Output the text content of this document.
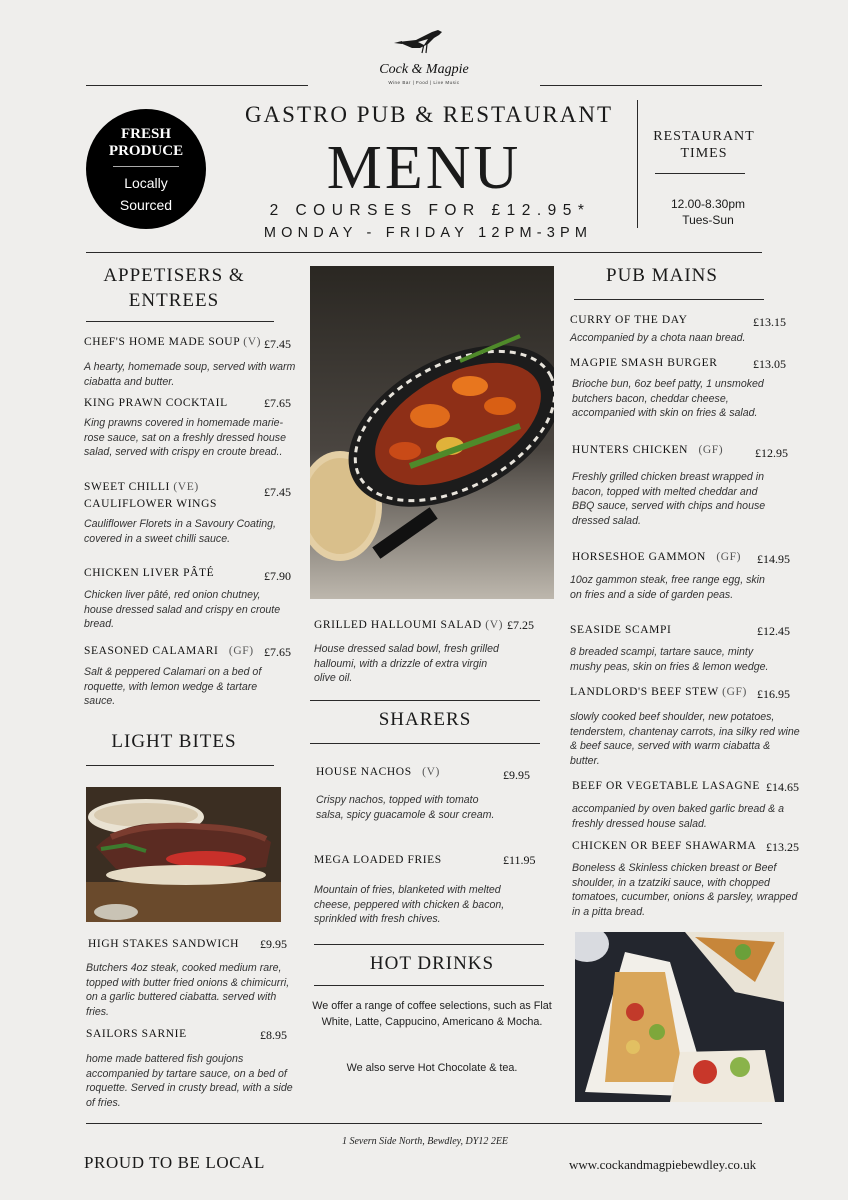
Cock & Magpie
Wine Bar | Food | Live Music
FRESH
PRODUCE
Locally
Sourced
GASTRO PUB & RESTAURANT
MENU
2 COURSES FOR £12.95*
MONDAY - FRIDAY 12PM-3PM
RESTAURANT
TIMES
12.00-8.30pm
Tues-Sun
APPETISERS &
ENTREES
CHEF'S HOME MADE SOUP (V) £7.45
A hearty, homemade soup, served with warm ciabatta and butter.
KING PRAWN COCKTAIL	£7.65
King prawns covered in homemade marie-rose sauce, sat on a freshly dressed house salad, served with crispy en croute bread..
SWEET CHILLI (VE)
CAULIFLOWER WINGS
£7.45
Cauliflower Florets in a Savoury Coating, covered in a sweet chilli sauce.
CHICKEN LIVER PÂTÉ	£7.90
Chicken liver pâté, red onion chutney, house dressed salad and crispy en croute bread.
SEASONED CALAMARI (GF) £7.65
Salt & peppered Calamari on a bed of roquette, with lemon wedge & tartare sauce.
LIGHT BITES
HIGH STAKES SANDWICH £9.95
Butchers 4oz steak, cooked medium rare, topped with butter fried onions & chimicurri, on a garlic buttered ciabatta. served with fries.
SAILORS SARNIE	£8.95
home made battered fish goujons accompanied by tartare sauce, on a bed of roquette. Served in crusty bread, with a side of fries.
GRILLED HALLOUMI SALAD (V) £7.25
House dressed salad bowl, fresh grilled halloumi, with a drizzle of extra virgin olive oil.
SHARERS
HOUSE NACHOS (V)	£9.95
Crispy nachos, topped with tomato salsa, spicy guacamole & sour cream.
MEGA LOADED FRIES	£11.95
Mountain of fries, blanketed with melted cheese, peppered with chicken & bacon, sprinkled with fresh chives.
HOT DRINKS
We offer a range of coffee selections, such as Flat White, Latte, Cappucino, Americano & Mocha.
We also serve Hot Chocolate & tea.
PUB MAINS
CURRY OF THE DAY	£13.15
Accompanied by a chota naan bread.
MAGPIE SMASH BURGER	£13.05
Brioche bun, 6oz beef patty, 1 unsmoked butchers bacon, cheddar cheese, accompanied with skin on fries & salad.
HUNTERS CHICKEN (GF)	£12.95
Freshly grilled chicken breast wrapped in bacon, topped with melted cheddar and BBQ sauce, served with chips and house dressed salad.
HORSESHOE GAMMON (GF) £14.95
10oz gammon steak, free range egg, skin on fries and a side of garden peas.
SEASIDE SCAMPI	£12.45
8 breaded scampi, tartare sauce, minty mushy peas, skin on fries & lemon wedge.
LANDLORD'S BEEF STEW (GF) £16.95
slowly cooked beef shoulder, new potatoes, tenderstem, chantenay carrots, ina silky red wine & beef sauce, served with warm ciabatta & butter.
BEEF OR VEGETABLE LASAGNE £14.65
accompanied by oven baked garlic bread & a freshly dressed house salad.
CHICKEN OR BEEF SHAWARMA £13.25
Boneless & Skinless chicken breast or Beef shoulder, in a tzatziki sauce, with chopped tomatoes, cucumber, onions & parsley, wrapped in a pitta bread.
1 Severn Side North, Bewdley, DY12 2EE
PROUD TO BE LOCAL	www.cockandmagpiebewdley.co.uk
